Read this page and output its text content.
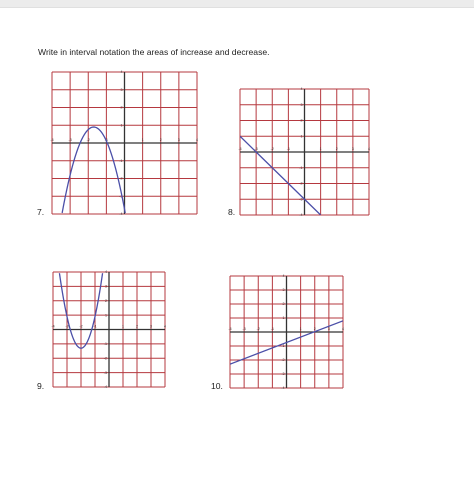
Write in interval notation the areas of increase and decrease.
-4	-3	-2	-1	1	2	3	4
4
3
2
1
-1
-2
-3
-4
7.
-4	-3	-2	-1	1	2	3	4
4
3
2
1
-1
-2
-3
-4
8.
-4	-3	-2	-1	1	2	3	4
4
3
2
1
-1
-2
-3
-4
9.
-4	-3	-2	-1	1	2	3	4
4
3
2
1
-1
-2
-3
-4
10.
